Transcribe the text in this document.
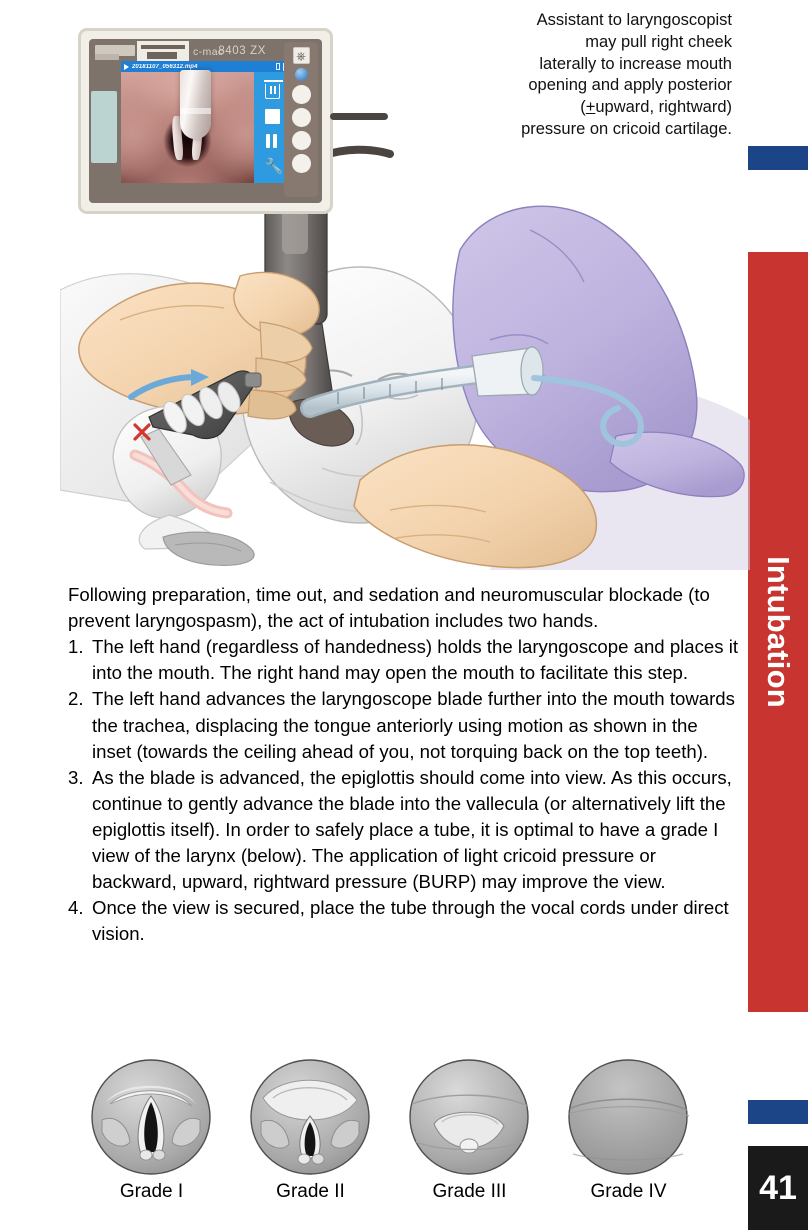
Intubation
41
Assistant to laryngoscopist
may pull right cheek
laterally to increase mouth
opening and apply posterior
(+upward, rightward)
pressure on cricoid cartilage.
c-mac
8403 ZX
20181107_056312.mp4
🔧
⎈

Following preparation, time out, and sedation and neuromuscular blockade (to prevent laryngospasm), the act of intubation includes two hands.

1. The left hand (regardless of handedness) holds the laryngoscope and places it into the mouth. The right hand may open the mouth to facilitate this step.
2. The left hand advances the laryngoscope blade further into the mouth towards the trachea, displacing the tongue anteriorly using motion as shown in the inset (towards the ceiling ahead of you, not torquing back on the top teeth).
3. As the blade is advanced, the epiglottis should come into view. As this occurs, continue to gently advance the blade into the vallecula (or alternatively lift the epiglottis itself). In order to safely place a tube, it is optimal to have a grade I view of the larynx (below). The application of light cricoid pressure or backward, upward, rightward pressure (BURP) may improve the view.
4. Once the view is secured, place the tube through the vocal cords under direct vision.
Grade I	Grade II	Grade III	Grade IV
